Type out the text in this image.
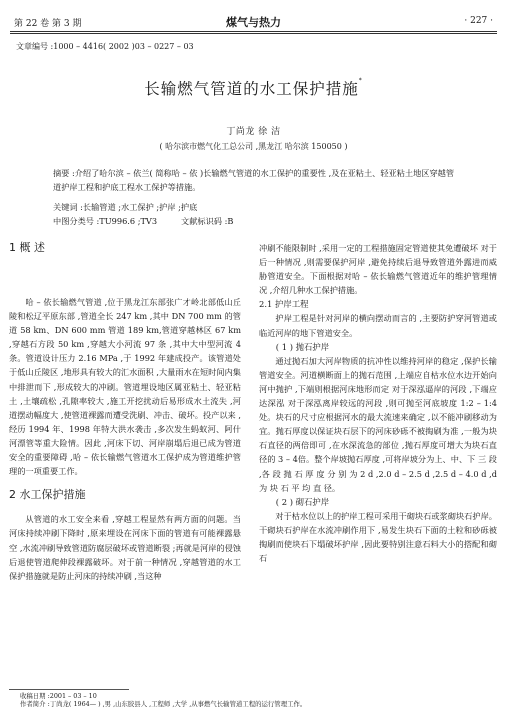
第 22 卷 第 3 期	煤气与热力	· 227 ·
文章编号 :1000 – 4416( 2002 )03 – 0227 – 03
长输燃气管道的水工保护措施*
丁尚龙 徐 洁
( 哈尔滨市燃气化工总公司 ,黑龙江 哈尔滨 150050 )
摘要 :介绍了哈尔滨 – 依兰( 简称哈 – 依 )长输燃气管道的水工保护的重要性 ,及在亚粘土、轻亚粘土地区穿越管道护岸工程和护底工程水工保护等措施。
关键词 :长输管道 ;水工保护 ;护岸 ;护底
中图分类号 :TU996.6 ;TV3	文献标识码 :B
1 概 述

哈 – 依长输燃气管道 ,位于黑龙江东部张广才岭北部低山丘陵和松辽平原东部 ,管道全长 247 km ,其中 DN 700 mm 的管道 58 km、DN 600 mm 管道 189 km,管道穿越林区 67 km ,穿越石方段 50 km ,穿越大小河流 97 条 ,其中大中型河流 4 条。管道设计压力 2.16 MPa ,于 1992 年建成投产。该管道处于低山丘陵区 ,地形具有较大的汇水面积 ,大量雨水在短时间内集中排泄而下 ,形成较大的冲刷。管道埋设地区属亚粘土、轻亚粘土 ,土壤疏松 ,孔隙率较大 ,施工开挖扰动后易形成水土流失 ,河道摆动幅度大 ,使管道裸露而遭受洗刷、冲击、破坏。投产以来 ,经历 1994 年、1998 年特大洪水袭击 ,多次发生蚂蚁河、阿什河漂管等重大险情。因此 ,河床下切、河岸崩塌后退已成为管道安全的重要障碍 ,哈 – 依长输燃气管道水工保护成为管道维护管理的一项重要工作。

2 水工保护措施

从管道的水工安全来看 ,穿越工程显然有两方面的问题。当河床持续冲刷下降时 ,原来埋设在河床下面的管道有可能裸露悬空 ,水流冲刷导致管道防腐层破坏或管道断裂 ;再就是河岸的侵蚀后退使管道爬伸段裸露破坏。对于前一种情况 ,穿越管道的水工保护措施就是防止河床的持续冲刷 ,当这种

冲刷不能限制时 ,采用一定的工程措施固定管道使其免遭破坏 对于后一种情况 ,则需要保护河岸 ,避免持续后退导致管道外露进而威胁管道安全。下面根据对哈 – 依长输燃气管道近年的维护管理情况 ,介绍几种水工保护措施。

2.1 护岸工程

护岸工程是针对河岸的横向摆动而言的 ,主要防护穿河管道或临近河岸的地下管道安全。

( 1 ) 抛石护岸

通过抛石加大河岸物质的抗冲性以维持河岸的稳定 ,保护长输管道安全。河道横断面上的抛石范围 ,上端应自枯水位水边开始向河中抛护 ,下端则根据河床地形而定 对于深泓逼岸的河段 ,下端应达深泓 对于深泓离岸较远的河段 ,则可抛至河底坡度 1:2 – 1:4处。块石的尺寸应根据河水的最大流速来确定 ,以不能冲刷移动为宜。抛石厚度以保证块石层下的河床砂砾不被掏刷为准 ,一般为块石直径的两倍即可 ,在水深流急的部位 ,抛石厚度可增大为块石直径的 3 – 4倍。整个岸坡抛石厚度 ,可将岸坡分为上、中、下 三 段 ,各 段 抛 石 厚 度 分 别 为 2 d ,2.0 d – 2.5 d ,2.5 d – 4.0 d ,d 为 块 石 平 均 直 径。

( 2 ) 砌石护岸

对于枯水位以上的护岸工程可采用干砌块石或浆砌块石护岸。干砌块石护岸在水流冲刷作用下 ,易发生块石下面的土粒和砂砾被掏刷而使块石下塌破坏护岸 ,因此要特别注意石料大小的搭配和砌石

收稿日期 :2001 – 03 – 10
作者简介 :丁尚龙( 1964— ) ,男 ,山东胶县人 ,工程师 ,大学 ,从事燃气长输管道工程的运行管理工作。
